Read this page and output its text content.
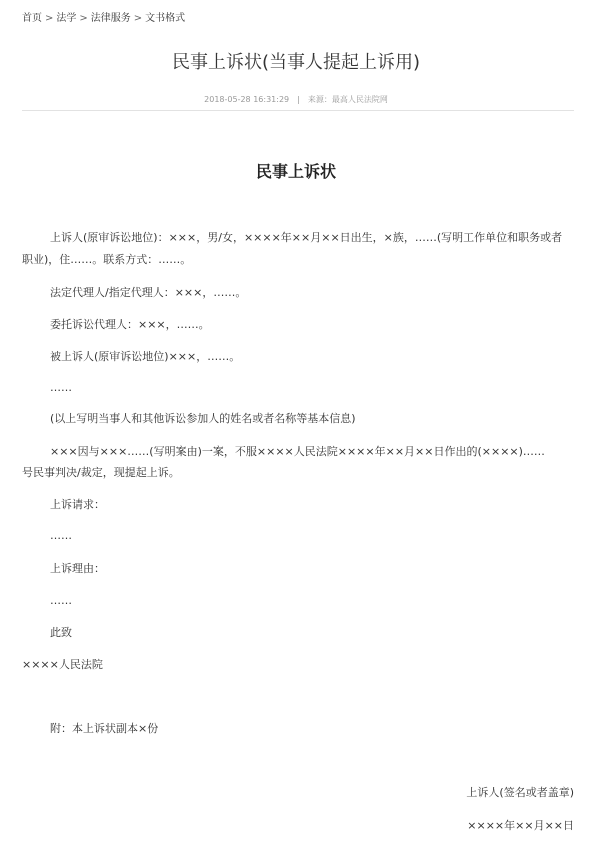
首页 > 法学 > 法律服务 > 文书格式
民事上诉状(当事人提起上诉用)
2018-05-28 16:31:29 | 来源：最高人民法院网
民事上诉状
上诉人(原审诉讼地位)：×××，男/女，××××年××月××日出生，×族，……(写明工作单位和职务或者
职业)，住……。联系方式：……。
法定代理人/指定代理人：×××，……。
委托诉讼代理人：×××，……。
被上诉人(原审诉讼地位)×××，……。
……
(以上写明当事人和其他诉讼参加人的姓名或者名称等基本信息)
×××因与×××……(写明案由)一案，不服××××人民法院××××年××月××日作出的(××××)……
号民事判决/裁定，现提起上诉。
上诉请求：
……
上诉理由：
……
此致
××××人民法院
附：本上诉状副本×份
上诉人(签名或者盖章)
××××年××月××日
